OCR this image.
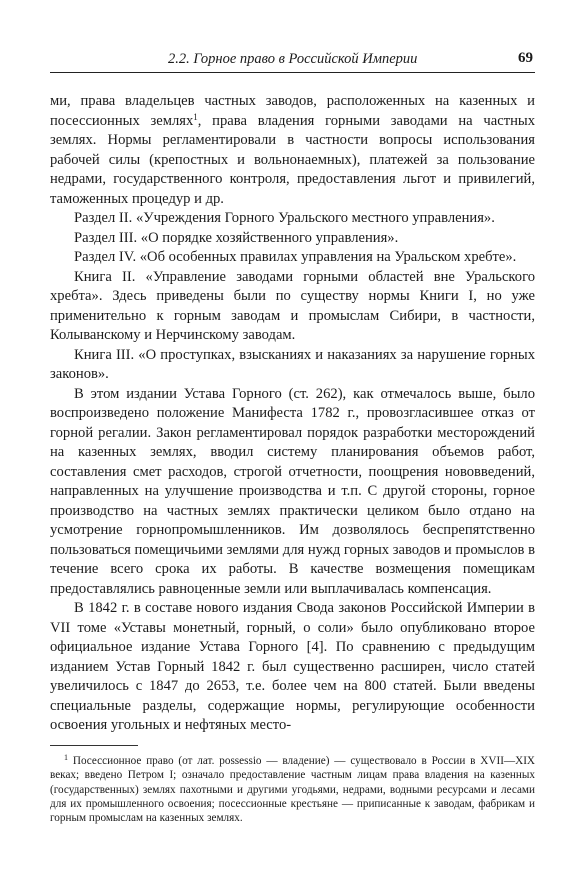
2.2. Горное право в Российской Империи	69

ми, права владельцев частных заводов, расположенных на казенных и посессионных землях$^1$, права владения горными заводами на частных землях. Нормы регламентировали в частности вопросы использования рабочей силы (крепостных и вольнонаемных), платежей за пользование недрами, государственного контроля, предоставления льгот и привилегий, таможенных процедур и др.

Раздел II. «Учреждения Горного Уральского местного управления».

Раздел III. «О порядке хозяйственного управления».

Раздел IV. «Об особенных правилах управления на Уральском хребте».

Книга II. «Управление заводами горными областей вне Уральского хребта». Здесь приведены были по существу нормы Книги I, но уже применительно к горным заводам и промыслам Сибири, в частности, Колыванскому и Нерчинскому заводам.

Книга III. «О проступках, взысканиях и наказаниях за нарушение горных законов».

В этом издании Устава Горного (ст. 262), как отмечалось выше, было воспроизведено положение Манифеста 1782 г., провозгласившее отказ от горной регалии. Закон регламентировал порядок разработки месторождений на казенных землях, вводил систему планирования объемов работ, составления смет расходов, строгой отчетности, поощрения нововведений, направленных на улучшение производства и т.п. С другой стороны, горное производство на частных землях практически целиком было отдано на усмотрение горнопромышленников. Им дозволялось беспрепятственно пользоваться помещичьими землями для нужд горных заводов и промыслов в течение всего срока их работы. В качестве возмещения помещикам предоставлялись равноценные земли или выплачивалась компенсация.

В 1842 г. в составе нового издания Свода законов Российской Империи в VII томе «Уставы монетный, горный, о соли» было опубликовано второе официальное издание Устава Горного [4]. По сравнению с предыдущим изданием Устав Горный 1842 г. был существенно расширен, число статей увеличилось с 1847 до 2653, т.е. более чем на 800 статей. Были введены специальные разделы, содержащие нормы, регулирующие особенности освоения угольных и нефтяных место-

$^1$ Посессионное право (от лат. possessio — владение) — существовало в России в XVII—XIX веках; введено Петром I; означало предоставление частным лицам права владения на казенных (государственных) землях пахотными и другими угодьями, недрами, водными ресурсами и лесами для их промышленного освоения; посессионные крестьяне — приписанные к заводам, фабрикам и горным промыслам на казенных землях.
